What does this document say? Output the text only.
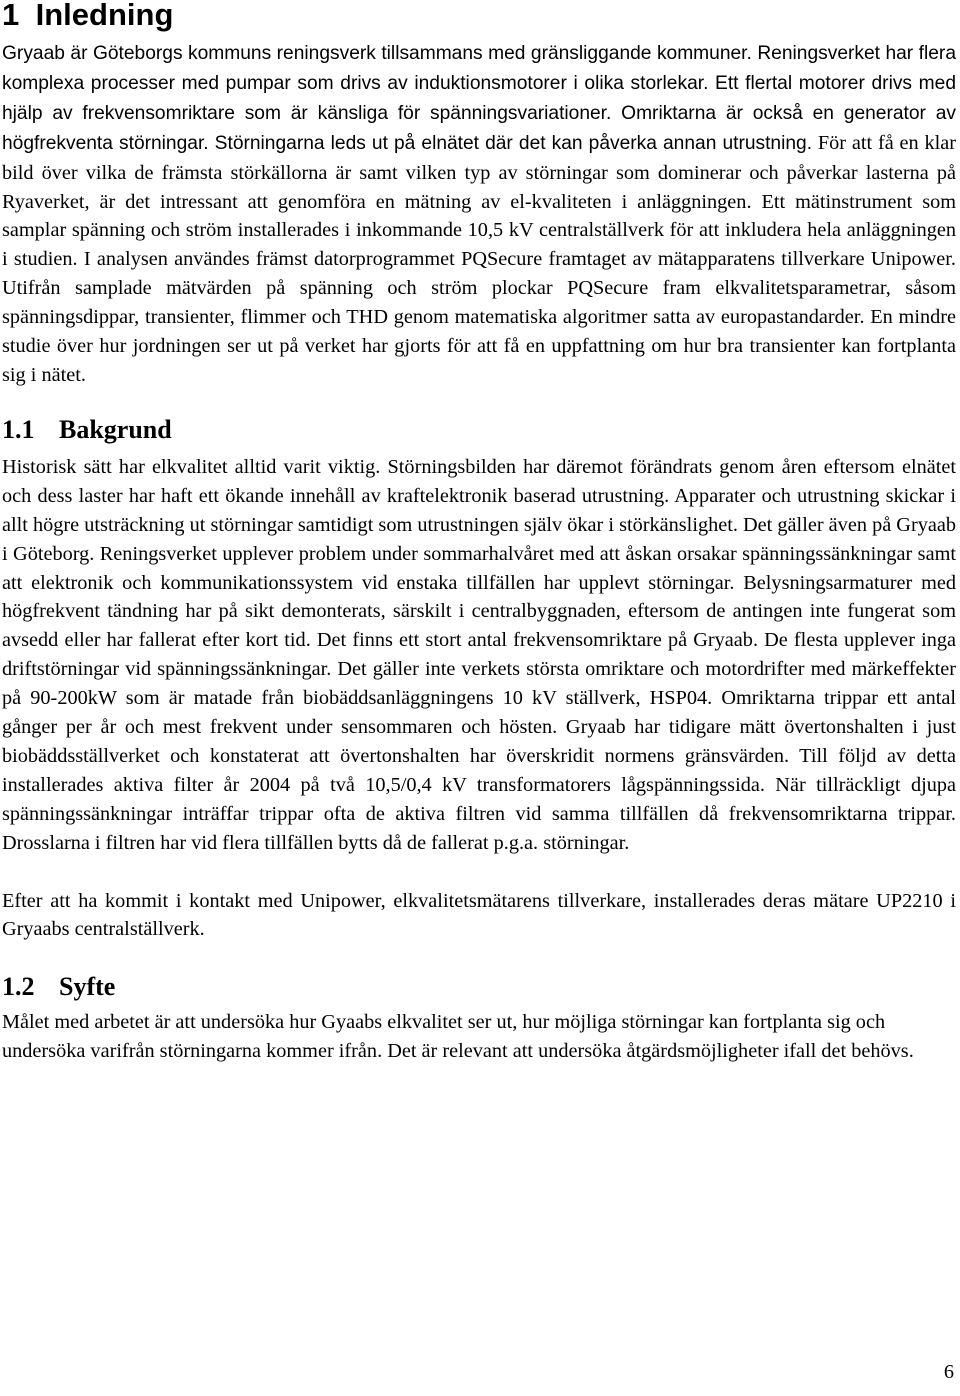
1 Inledning

Gryaab är Göteborgs kommuns reningsverk tillsammans med gränsliggande kommuner. Reningsverket har flera komplexa processer med pumpar som drivs av induktionsmotorer i olika storlekar. Ett flertal motorer drivs med hjälp av frekvensomriktare som är känsliga för spänningsvariationer. Omriktarna är också en generator av högfrekventa störningar. Störningarna leds ut på elnätet där det kan påverka annan utrustning. För att få en klar bild över vilka de främsta störkällorna är samt vilken typ av störningar som dominerar och påverkar lasterna på Ryaverket, är det intressant att genomföra en mätning av el-kvaliteten i anläggningen. Ett mätinstrument som samplar spänning och ström installerades i inkommande 10,5 kV centralställverk för att inkludera hela anläggningen i studien. I analysen användes främst datorprogrammet PQSecure framtaget av mätapparatens tillverkare Unipower. Utifrån samplade mätvärden på spänning och ström plockar PQSecure fram elkvalitetsparametrar, såsom spänningsdippar, transienter, flimmer och THD genom matematiska algoritmer satta av europastandarder. En mindre studie över hur jordningen ser ut på verket har gjorts för att få en uppfattning om hur bra transienter kan fortplanta sig i nätet.

1.1 Bakgrund

Historisk sätt har elkvalitet alltid varit viktig. Störningsbilden har däremot förändrats genom åren eftersom elnätet och dess laster har haft ett ökande innehåll av kraftelektronik baserad utrustning. Apparater och utrustning skickar i allt högre utsträckning ut störningar samtidigt som utrustningen själv ökar i störkänslighet. Det gäller även på Gryaab i Göteborg. Reningsverket upplever problem under sommarhalvåret med att åskan orsakar spänningssänkningar samt att elektronik och kommunikationssystem vid enstaka tillfällen har upplevt störningar. Belysningsarmaturer med högfrekvent tändning har på sikt demonterats, särskilt i centralbyggnaden, eftersom de antingen inte fungerat som avsedd eller har fallerat efter kort tid. Det finns ett stort antal frekvensomriktare på Gryaab. De flesta upplever inga driftstörningar vid spänningssänkningar. Det gäller inte verkets största omriktare och motordrifter med märkeffekter på 90-200kW som är matade från biobäddsanläggningens 10 kV ställverk, HSP04. Omriktarna trippar ett antal gånger per år och mest frekvent under sensommaren och hösten. Gryaab har tidigare mätt övertonshalten i just biobäddsställverket och konstaterat att övertonshalten har överskridit normens gränsvärden. Till följd av detta installerades aktiva filter år 2004 på två 10,5/0,4 kV transformatorers lågspänningssida. När tillräckligt djupa spänningssänkningar inträffar trippar ofta de aktiva filtren vid samma tillfällen då frekvensomriktarna trippar. Drosslarna i filtren har vid flera tillfällen bytts då de fallerat p.g.a. störningar.

Efter att ha kommit i kontakt med Unipower, elkvalitetsmätarens tillverkare, installerades deras mätare UP2210 i Gryaabs centralställverk.

1.2 Syfte

Målet med arbetet är att undersöka hur Gyaabs elkvalitet ser ut, hur möjliga störningar kan fortplanta sig och undersöka varifrån störningarna kommer ifrån. Det är relevant att undersöka åtgärdsmöjligheter ifall det behövs.

6
